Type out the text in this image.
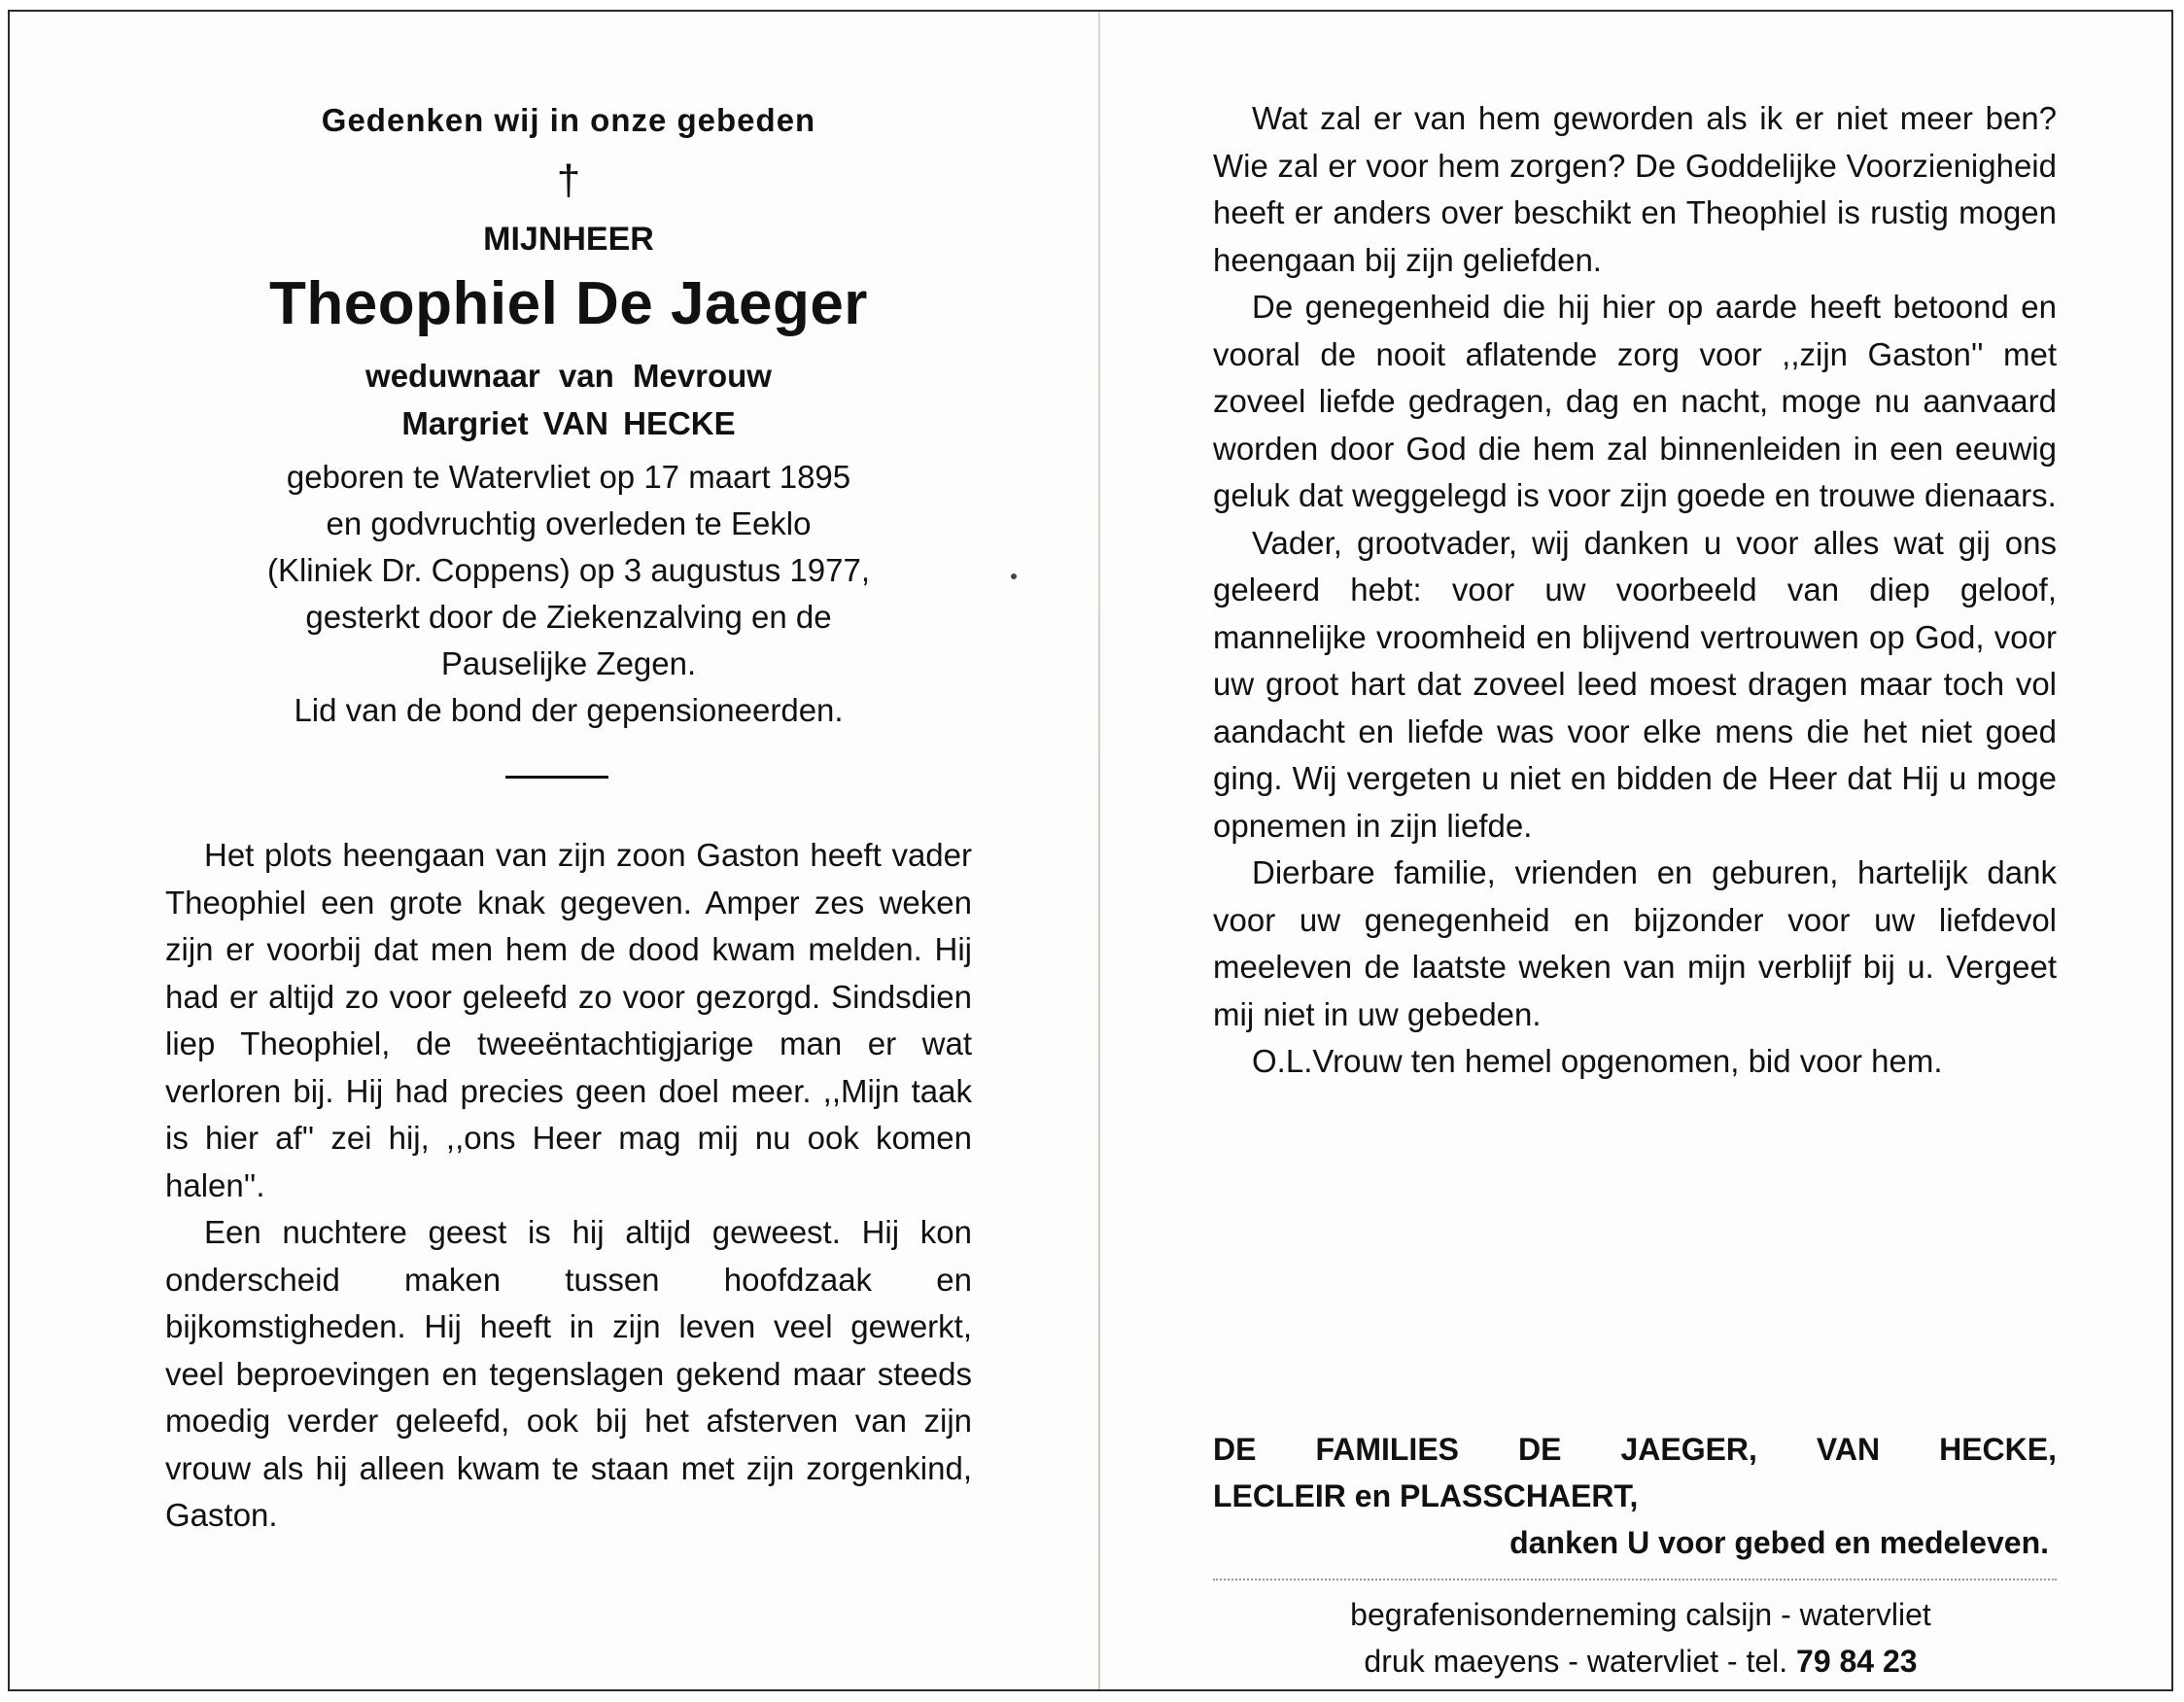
Gedenken wij in onze gebeden
†
MIJNHEER
Theophiel De Jaeger
weduwnaar van Mevrouw
Margriet VAN HECKE
geboren te Watervliet op 17 maart 1895
en godvruchtig overleden te Eeklo
(Kliniek Dr. Coppens) op 3 augustus 1977,
gesterkt door de Ziekenzalving en de
Pauselijke Zegen.
Lid van de bond der gepensioneerden.

Het plots heengaan van zijn zoon Gaston heeft vader Theophiel een grote knak gegeven. Amper zes weken zijn er voorbij dat men hem de dood kwam melden. Hij had er altijd zo voor geleefd zo voor gezorgd. Sindsdien liep Theophiel, de tweeëntachtigjarige man er wat verloren bij. Hij had precies geen doel meer. ,,Mijn taak is hier af'' zei hij, ,,ons Heer mag mij nu ook komen halen''.

Een nuchtere geest is hij altijd geweest. Hij kon onderscheid maken tussen hoofdzaak en bijkomstigheden. Hij heeft in zijn leven veel gewerkt, veel beproevingen en tegenslagen gekend maar steeds moedig verder geleefd, ook bij het afsterven van zijn vrouw als hij alleen kwam te staan met zijn zorgenkind, Gaston.

Wat zal er van hem geworden als ik er niet meer ben? Wie zal er voor hem zorgen? De Goddelijke Voorzienigheid heeft er anders over beschikt en Theophiel is rustig mogen heengaan bij zijn geliefden.

De genegenheid die hij hier op aarde heeft betoond en vooral de nooit aflatende zorg voor ,,zijn Gaston'' met zoveel liefde gedragen, dag en nacht, moge nu aanvaard worden door God die hem zal binnenleiden in een eeuwig geluk dat weggelegd is voor zijn goede en trouwe dienaars.

Vader, grootvader, wij danken u voor alles wat gij ons geleerd hebt: voor uw voorbeeld van diep geloof, mannelijke vroomheid en blijvend vertrouwen op God, voor uw groot hart dat zoveel leed moest dragen maar toch vol aandacht en liefde was voor elke mens die het niet goed ging. Wij vergeten u niet en bidden de Heer dat Hij u moge opnemen in zijn liefde.

Dierbare familie, vrienden en geburen, hartelijk dank voor uw genegenheid en bijzonder voor uw liefdevol meeleven de laatste weken van mijn verblijf bij u. Vergeet mij niet in uw gebeden.

O.L.Vrouw ten hemel opgenomen, bid voor hem.

DE FAMILIES DE JAEGER, VAN HECKE,
LECLEIR en PLASSCHAERT,
danken U voor gebed en medeleven.
begrafenisonderneming calsijn - watervliet
druk maeyens - watervliet - tel. 79 84 23
